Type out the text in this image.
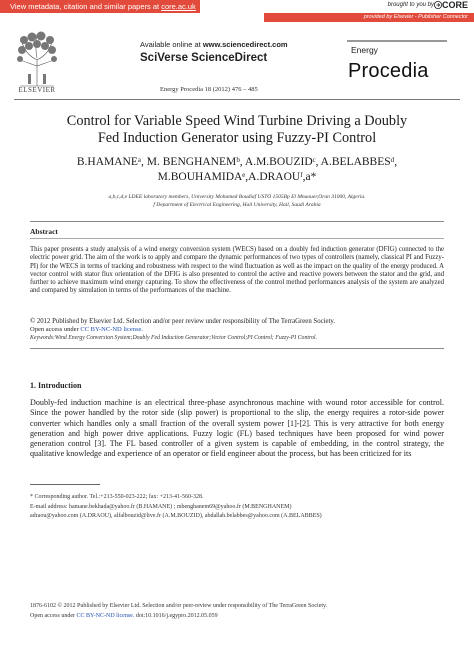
View metadata, citation and similar papers at core.ac.uk	brought to you by CORE
provided by Elsevier - Publisher Connector
ELSEVIER
Available online at www.sciencedirect.com
SciVerse ScienceDirect
Energy Procedia 18 (2012) 476 – 485
Energy
Procedia
Control for Variable Speed Wind Turbine Driving a Doubly
Fed Induction Generator using Fuzzy-PI Control
B.HAMANEᵃ, M. BENGHANEMᵇ, A.M.BOUZIDᶜ, A.BELABBESᵈ,
M.BOUHAMIDAᵉ,A.DRAOUᶠ,a*
a,b,c,d,e LDEE laboratory members, University Mohamed Boudiaf USTO 1505Bp El Mnaouer,Oran 31000, Algeria.
f Department of Electrical Engineering, Hail University, Hail, Saudi Arabia
Abstract
This paper presents a study analysis of a wind energy conversion system (WECS) based on a doubly fed induction generator (DFIG) connected to the electric power grid. The aim of the work is to apply and compare the dynamic performances of two types of controllers (namely, classical PI and Fuzzy-PI) for the WECS in terms of tracking and robustness with respect to the wind fluctuation as well as the impact on the quality of the energy produced. A vector control with stator flux orientation of the DFIG is also presented to control the active and reactive powers between the stator and the grid, and further to achieve maximum wind energy capturing. To show the effectiveness of the control method performances analysis of the system are analyzed and compared by simulation in terms of the performances of the machine.
© 2012 Published by Elsevier Ltd. Selection and/or peer review under responsibility of The TerraGreen Society.
Open access under CC BY-NC-ND license.
Keywords:Wind Energy Conversion System;Doubly Fed Induction Generator;Vector Control;PI Control; Fuzzy-PI Control.
1. Introduction
Doubly-fed induction machine is an electrical three-phase asynchronous machine with wound rotor accessible for control. Since the power handled by the rotor side (slip power) is proportional to the slip, the energy requires a rotor-side power converter which handles only a small fraction of the overall system power [1]-[2]. This is very attractive for both energy generation and high power drive applications. Fuzzy logic (FL) based techniques have been proposed for wind power generation control [3]. The FL based controller of a given system is capable of embedding, in the control strategy, the qualitative knowledge and experience of an operator or field engineer about the process, but has been criticized for its
* Corresponding author. Tel.:+213-550-023-222; fax: +213-41-560-328.
E-mail address: hamane.bekhada@yahoo.fr (B.HAMANE) ; mbenghanem69@yahoo.fr (M.BENGHANEM)
adraou@yahoo.com (A.DRAOU), alfalbouzid@live.fr (A.M.BOUZID), abdallah.belabbes@yahoo.com (A.BELABBES)
1876-6102 © 2012 Published by Elsevier Ltd. Selection and/or peer-review under responsibility of The TerraGreen Society.
Open access under CC BY-NC-ND license. doi:10.1016/j.egypro.2012.05.059
